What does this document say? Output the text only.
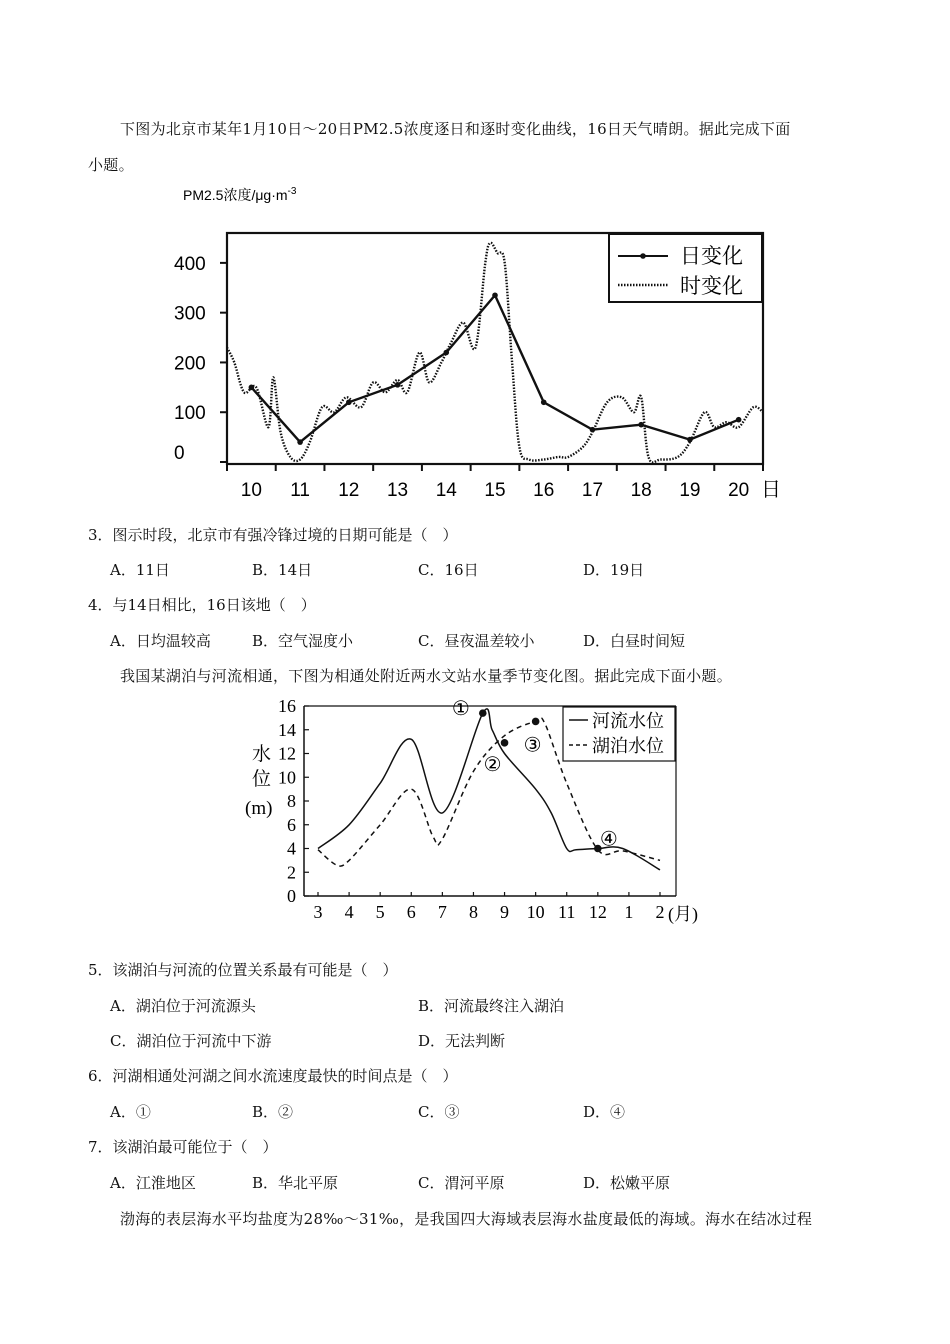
下图为北京市某年1月10日～20日PM2.5浓度逐日和逐时变化曲线，16日天气晴朗。据此完成下面
小题。
PM2.5浓度$/\mu g\cdot m^{-3}$
0
100
200
300
400
10 11 12 13 14 15 16 17 18 19 20
日变化
时变化
日
3．图示时段，北京市有强冷锋过境的日期可能是（　）
A．11日	B．14日	C．16日	D．19日
4．与14日相比，16日该地（　）
A．日均温较高	B．空气湿度小	C．昼夜温差较小	D．白昼时间短
我国某湖泊与河流相通，下图为相通处附近两水文站水量季节变化图。据此完成下面小题。
0
2
4
6
8
10
12
14
16
3 4 5 6 7 8 9 10 11 12 1 2
水
位
(m)
河流水位
湖泊水位
(月)
①
②
③
④
5．该湖泊与河流的位置关系最有可能是（　）
A．湖泊位于河流源头	B．河流最终注入湖泊
C．湖泊位于河流中下游	D．无法判断
6．河湖相通处河湖之间水流速度最快的时间点是（　）
A．①	B．②	C．③	D．④
7．该湖泊最可能位于（　）
A．江淮地区	B．华北平原	C．渭河平原	D．松嫩平原
渤海的表层海水平均盐度为28‰～31‰，是我国四大海域表层海水盐度最低的海域。海水在结冰过程
